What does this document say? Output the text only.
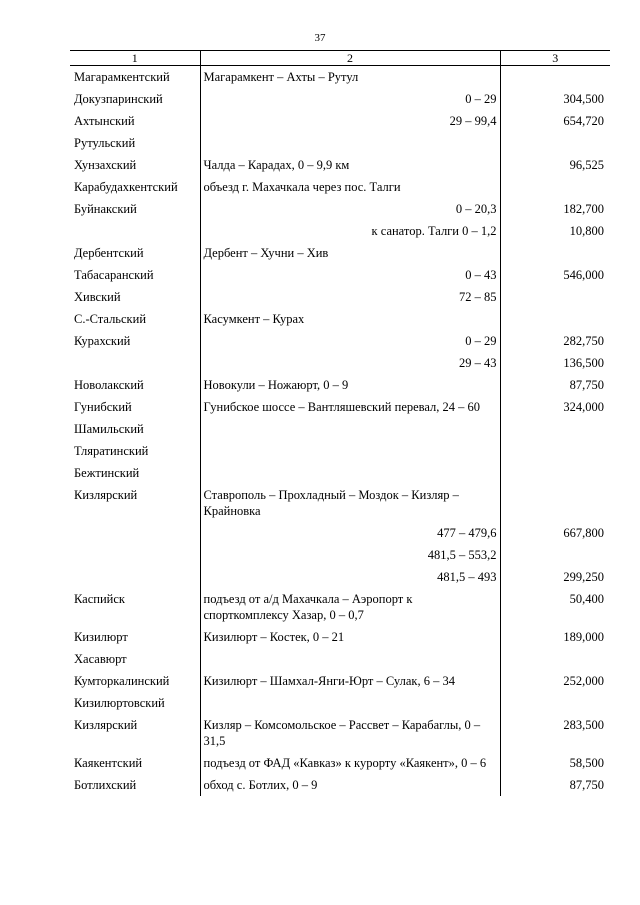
37
1	2	3
Магарамкентский	Магарамкент – Ахты – Рутул	
Докузпаринский	0 – 29	304,500
Ахтынский	29 – 99,4	654,720
Рутульский		
Хунзахский	Чалда – Карадах, 0 – 9,9 км	96,525
Карабудахкентский	объезд г. Махачкала через пос. Талги	
Буйнакский	0 – 20,3	182,700
	к санатор. Талги 0 – 1,2	10,800
Дербентский	Дербент – Хучни – Хив	
Табасаранский	0 – 43	546,000
Хивский	72 – 85	
С.-Стальский	Касумкент – Курах	
Курахский	0 – 29	282,750
	29 – 43	136,500
Новолакский	Новокули – Ножаюрт, 0 – 9	87,750
Гунибский	Гунибское шоссе – Вантляшевский перевал, 24 – 60	324,000
Шамильский		
Тляратинский		
Бежтинский		
Кизлярский	Ставрополь – Прохладный – Моздок – Кизляр – Крайновка	
	477 – 479,6	667,800
	481,5 – 553,2	
	481,5 – 493	299,250
Каспийск	подъезд от а/д Махачкала – Аэропорт к спорткомплексу Хазар, 0 – 0,7	50,400
Кизилюрт	Кизилюрт – Костек, 0 – 21	189,000
Хасавюрт		
Кумторкалинский	Кизилюрт – Шамхал-Янги-Юрт – Сулак, 6 – 34	252,000
Кизилюртовский		
Кизлярский	Кизляр – Комсомольское – Рассвет – Карабаглы, 0 – 31,5	283,500
Каякентский	подъезд от ФАД «Кавказ» к курорту «Каякент», 0 – 6	58,500
Ботлихский	обход с. Ботлих, 0 – 9	87,750
